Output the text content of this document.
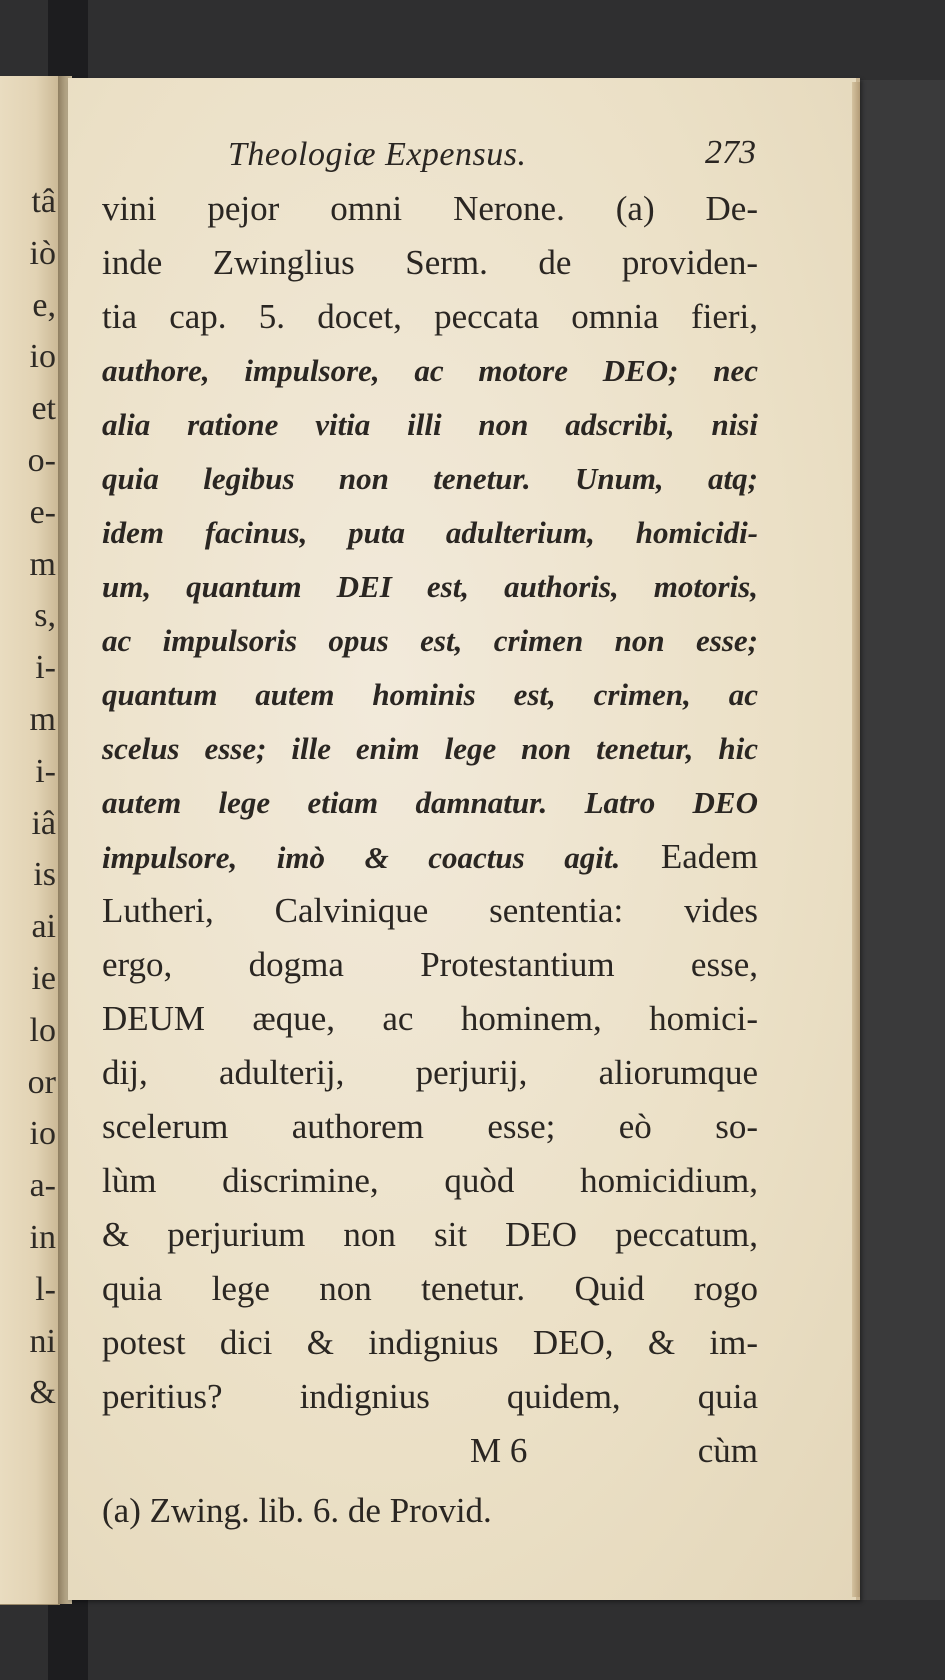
tâ
iò
e,
io
et
o-
e-
m
s,
i-
m
i-
iâ
is
ai
ie
lo
or
io
a-
in
l-
ni
&
Theologiæ Expensus.	273
vini pejor omni Nerone. (a) De-
inde Zwinglius Serm. de providen-
tia cap. 5. docet, peccata omnia fieri,
authore, impulsore, ac motore DEO; nec
alia ratione vitia illi non adscribi, nisi
quia legibus non tenetur. Unum, atq;
idem facinus, puta adulterium, homicidi-
um, quantum DEI est, authoris, motoris,
ac impulsoris opus est, crimen non esse;
quantum autem hominis est, crimen, ac
scelus esse; ille enim lege non tenetur, hic
autem lege etiam damnatur. Latro DEO
impulsore, imò & coactus agit. Eadem
Lutheri, Calvinique sententia: vides
ergo, dogma Protestantium esse,
DEUM æque, ac hominem, homici-
dij, adulterij, perjurij, aliorumque
scelerum authorem esse; eò so-
lùm discrimine, quòd homicidium,
& perjurium non sit DEO peccatum,
quia lege non tenetur. Quid rogo
potest dici & indignius DEO, & im-
peritius? indignius quidem, quia
M 6	cùm
(a) Zwing. lib. 6. de Provid.
